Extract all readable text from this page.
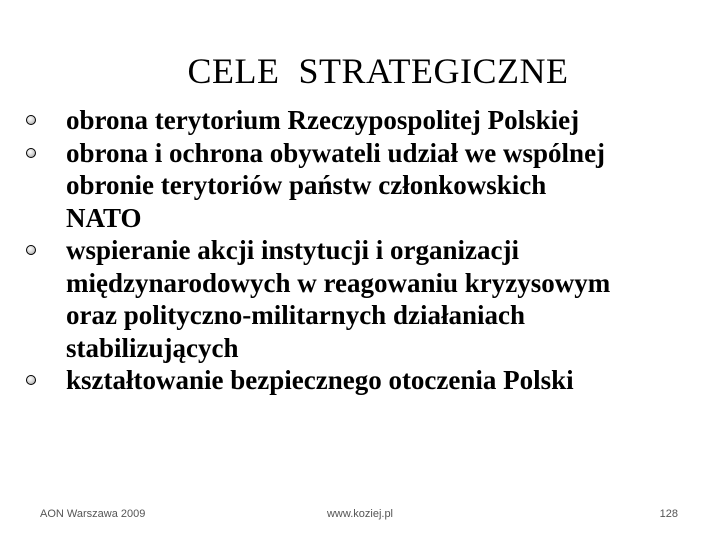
CELE  STRATEGICZNE
obrona terytorium Rzeczypospolitej Polskiej
obrona i ochrona obywateli udział we wspólnej
obronie terytoriów państw członkowskich
NATO
wspieranie akcji instytucji i organizacji
międzynarodowych w reagowaniu kryzysowym
oraz polityczno-militarnych działaniach
stabilizujących
kształtowanie bezpiecznego otoczenia Polski
AON Warszawa 2009	www.koziej.pl	128
